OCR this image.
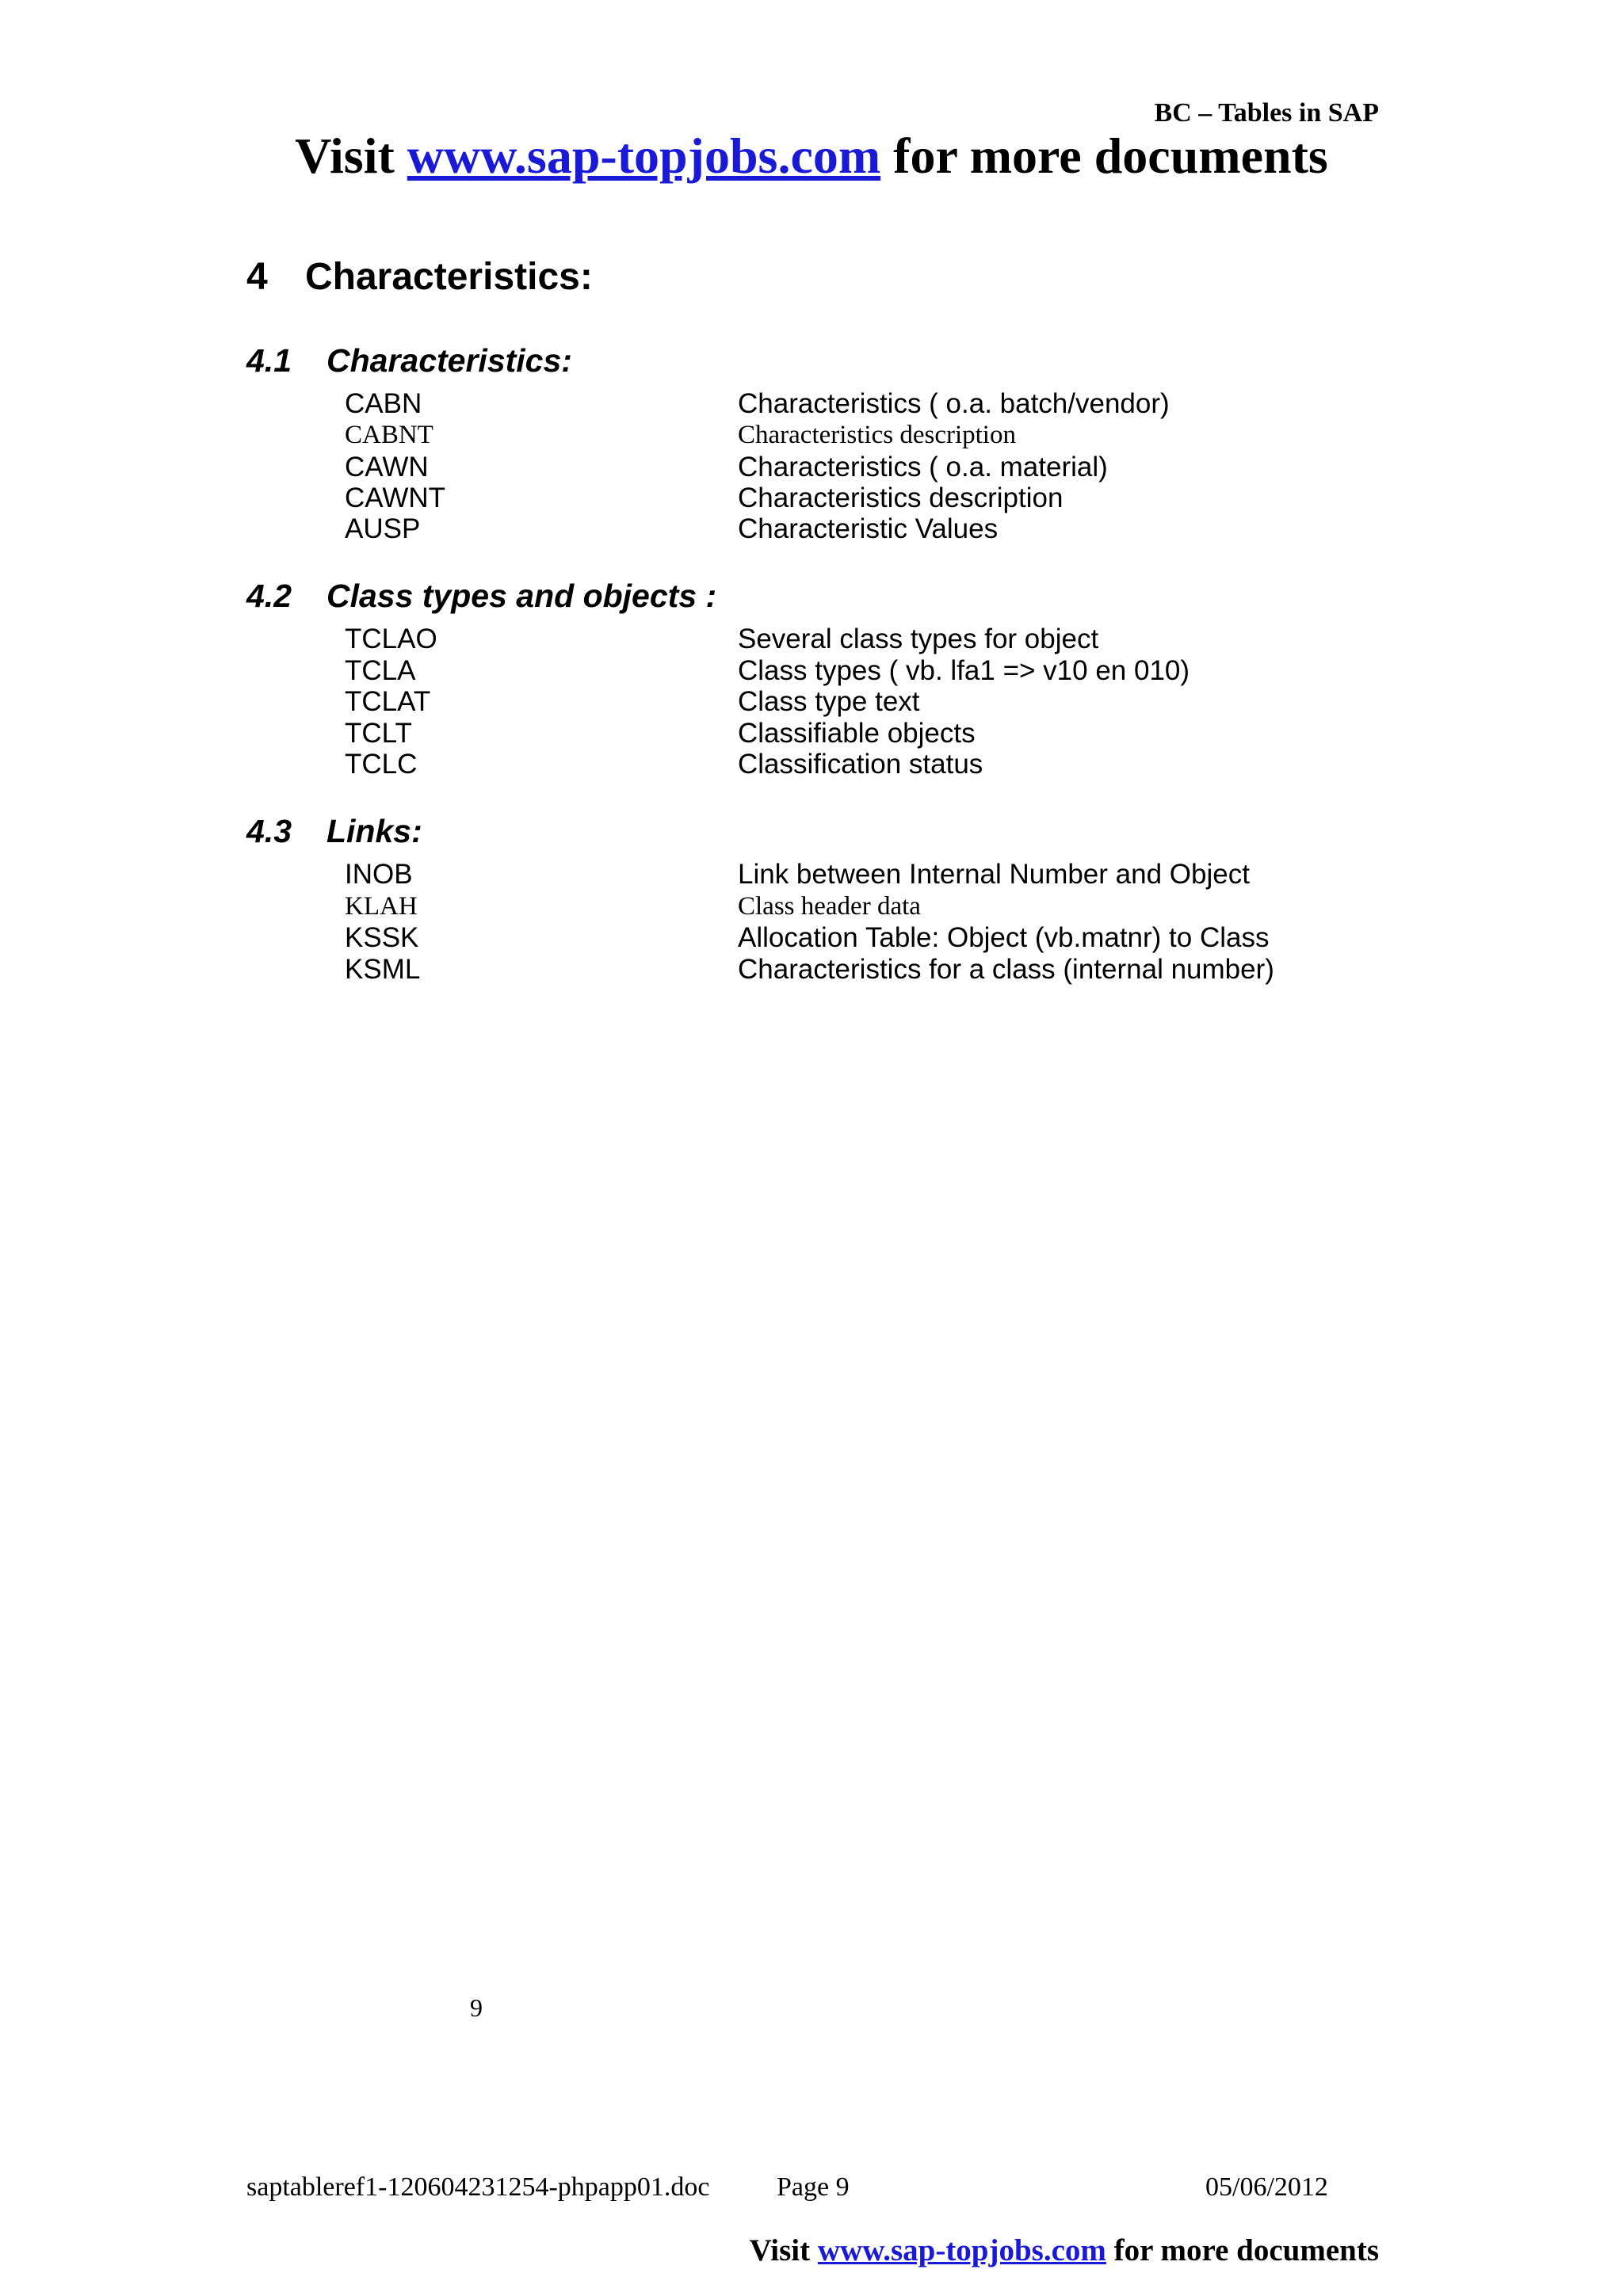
BC – Tables in SAP
Visit www.sap-topjobs.com for more documents
4 Characteristics:
4.1 Characteristics:
CABN	Characteristics ( o.a. batch/vendor)
CABNT	Characteristics description
CAWN	Characteristics ( o.a. material)
CAWNT	Characteristics description
AUSP	Characteristic Values
4.2 Class types and objects :
TCLAO	Several class types for object
TCLA	Class types ( vb. lfa1 => v10 en 010)
TCLAT	Class type text
TCLT	Classifiable objects
TCLC	Classification status
4.3 Links:
INOB	Link between Internal Number and Object
KLAH	Class header data
KSSK	Allocation Table: Object (vb.matnr) to Class
KSML	Characteristics for a class (internal number)
9
saptableref1-120604231254-phpapp01.doc Page 9	05/06/2012
Visit www.sap-topjobs.com for more documents
